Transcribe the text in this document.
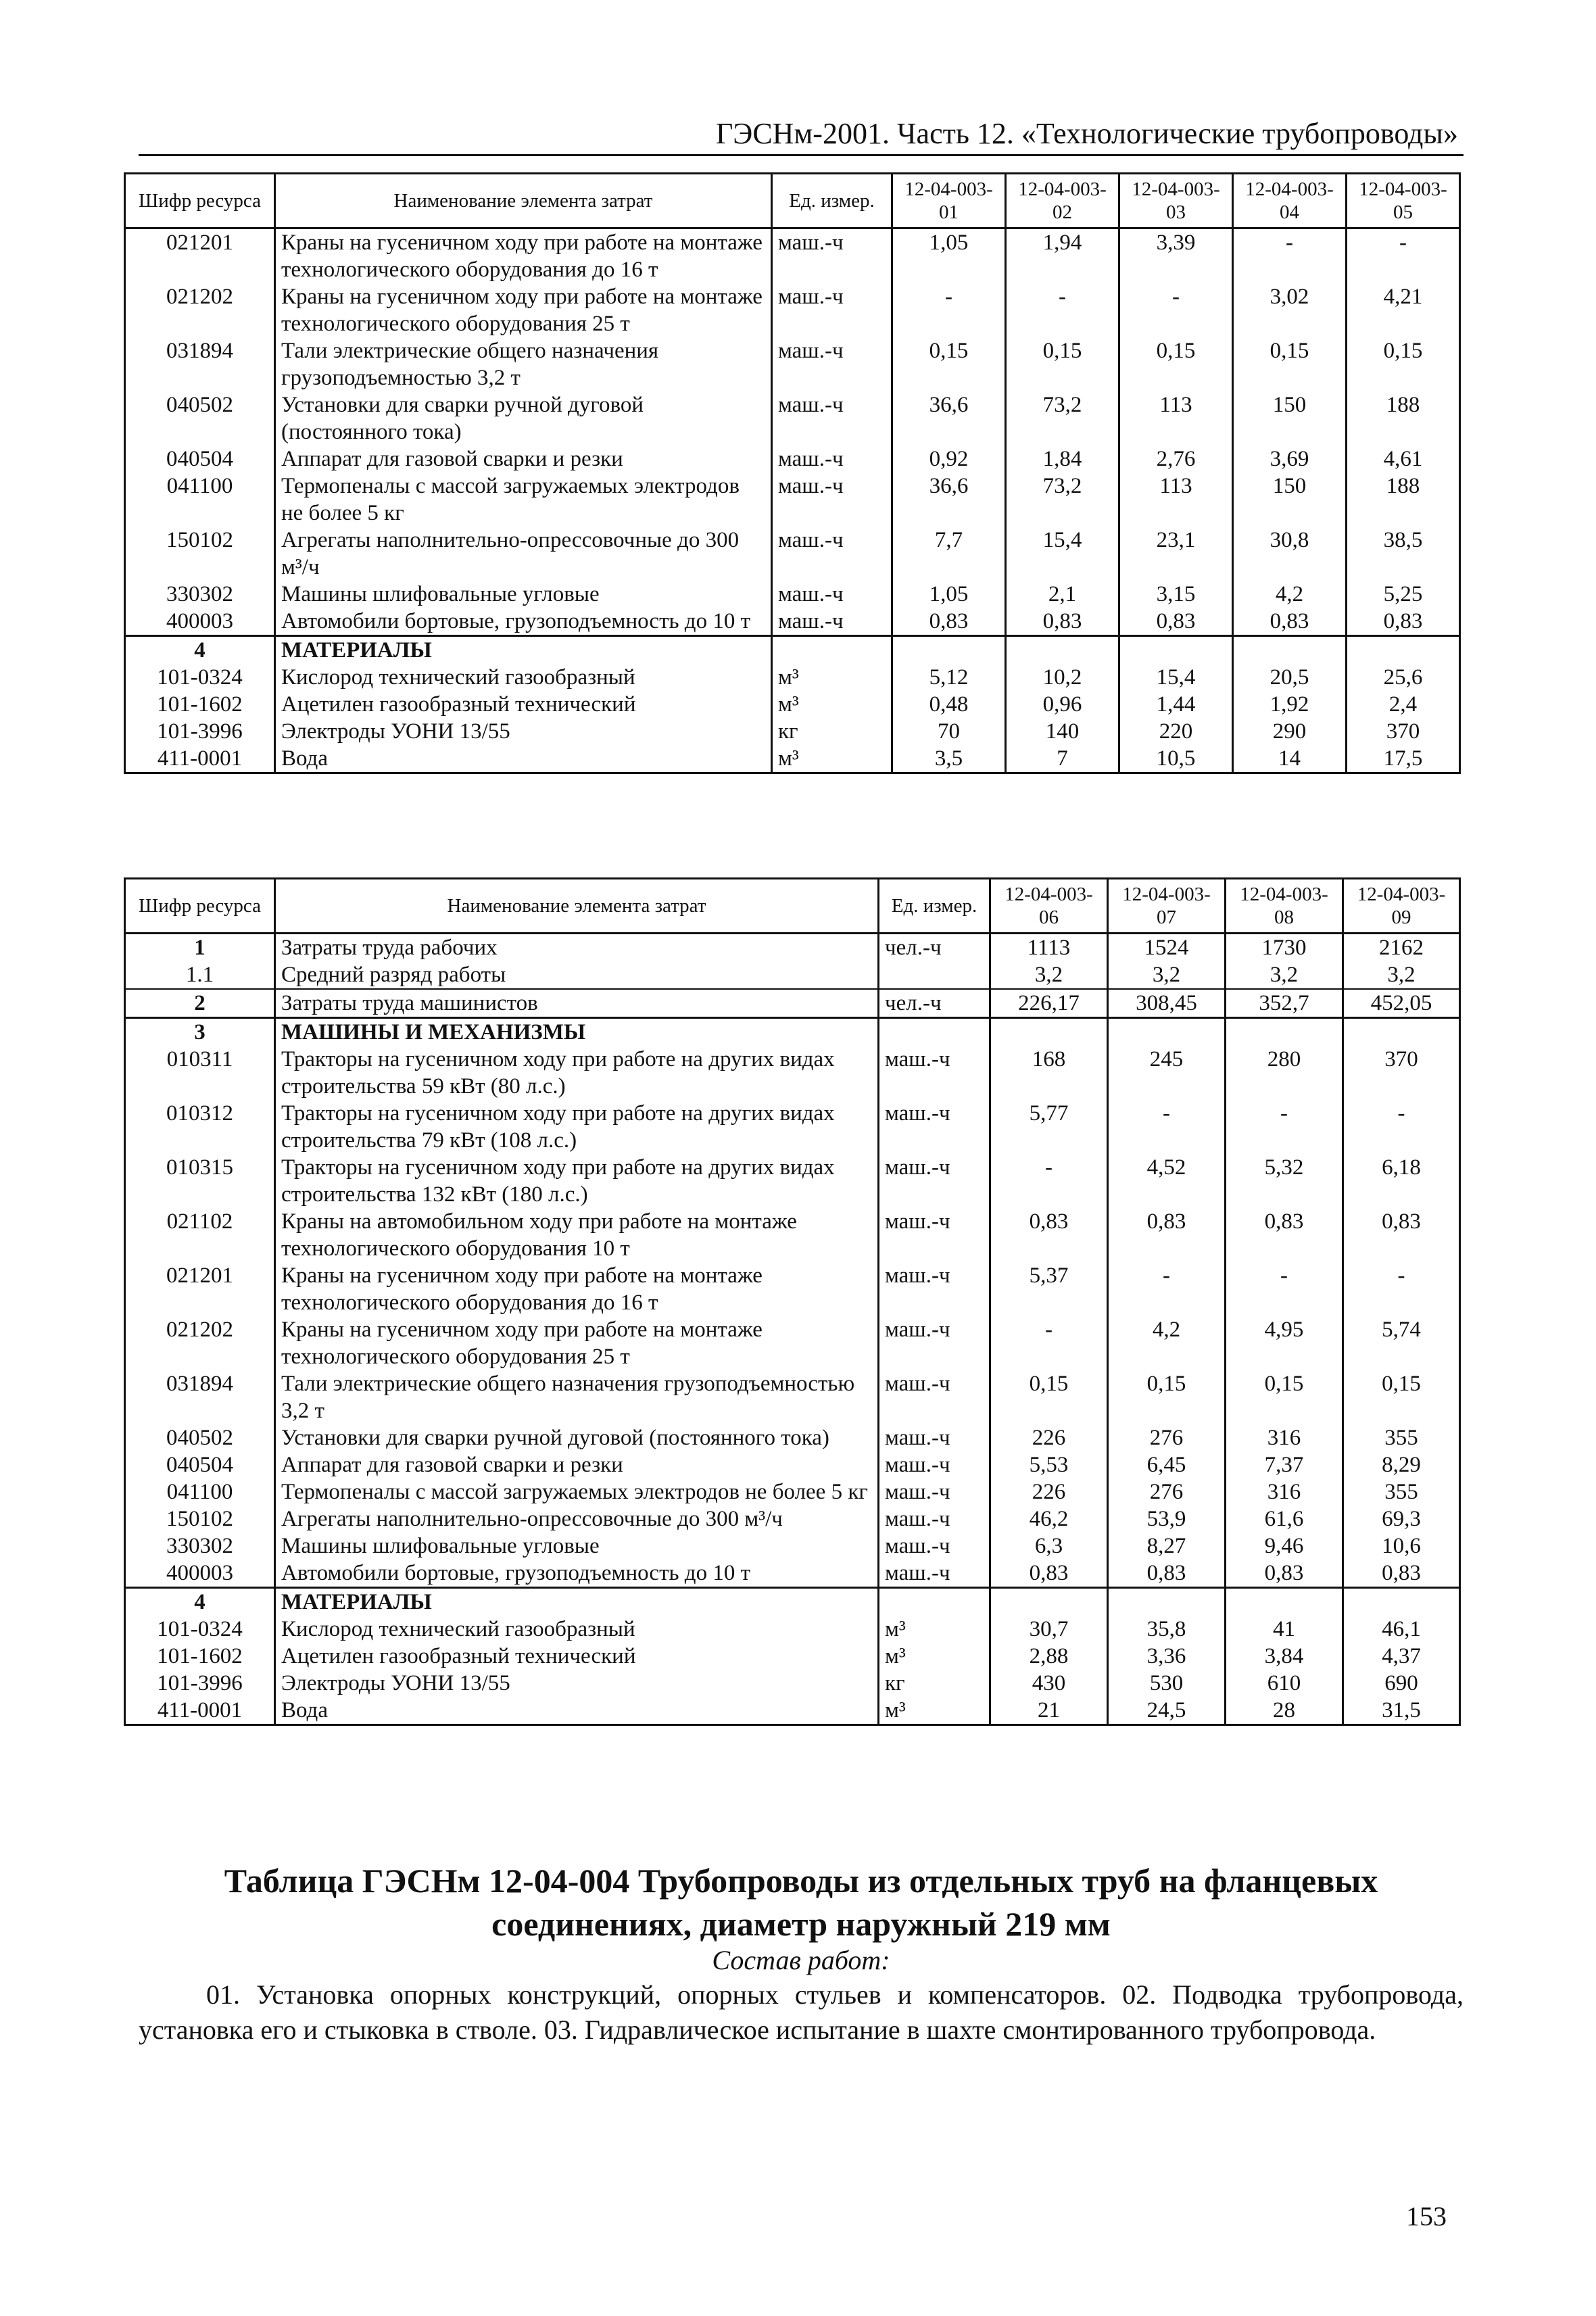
ГЭСНм-2001. Часть 12. «Технологические трубопроводы»
Шифр ресурса	Наименование элемента затрат	Ед. измер.	12-04-003-01	12-04-003-02	12-04-003-03	12-04-003-04	12-04-003-05
021201	Краны на гусеничном ходу при работе на монтаже технологического оборудования до 16 т	маш.-ч	1,05	1,94	3,39	-	-
021202	Краны на гусеничном ходу при работе на монтаже технологического оборудования 25 т	маш.-ч	-	-	-	3,02	4,21
031894	Тали электрические общего назначения грузоподъемностью 3,2 т	маш.-ч	0,15	0,15	0,15	0,15	0,15
040502	Установки для сварки ручной дуговой (постоянного тока)	маш.-ч	36,6	73,2	113	150	188
040504	Аппарат для газовой сварки и резки	маш.-ч	0,92	1,84	2,76	3,69	4,61
041100	Термопеналы с массой загружаемых электродов не более 5 кг	маш.-ч	36,6	73,2	113	150	188
150102	Агрегаты наполнительно-опрессовочные до 300 м³/ч	маш.-ч	7,7	15,4	23,1	30,8	38,5
330302	Машины шлифовальные угловые	маш.-ч	1,05	2,1	3,15	4,2	5,25
400003	Автомобили бортовые, грузоподъемность до 10 т	маш.-ч	0,83	0,83	0,83	0,83	0,83
4	МАТЕРИАЛЫ						
101-0324	Кислород технический газообразный	м³	5,12	10,2	15,4	20,5	25,6
101-1602	Ацетилен газообразный технический	м³	0,48	0,96	1,44	1,92	2,4
101-3996	Электроды УОНИ 13/55	кг	70	140	220	290	370
411-0001	Вода	м³	3,5	7	10,5	14	17,5
Шифр ресурса	Наименование элемента затрат	Ед. измер.	12-04-003-06	12-04-003-07	12-04-003-08	12-04-003-09
1	Затраты труда рабочих	чел.-ч	1113	1524	1730	2162
1.1	Средний разряд работы		3,2	3,2	3,2	3,2
2	Затраты труда машинистов	чел.-ч	226,17	308,45	352,7	452,05
3	МАШИНЫ И МЕХАНИЗМЫ					
010311	Тракторы на гусеничном ходу при работе на других видах строительства 59 кВт (80 л.с.)	маш.-ч	168	245	280	370
010312	Тракторы на гусеничном ходу при работе на других видах строительства 79 кВт (108 л.с.)	маш.-ч	5,77	-	-	-
010315	Тракторы на гусеничном ходу при работе на других видах строительства 132 кВт (180 л.с.)	маш.-ч	-	4,52	5,32	6,18
021102	Краны на автомобильном ходу при работе на монтаже технологического оборудования 10 т	маш.-ч	0,83	0,83	0,83	0,83
021201	Краны на гусеничном ходу при работе на монтаже технологического оборудования до 16 т	маш.-ч	5,37	-	-	-
021202	Краны на гусеничном ходу при работе на монтаже технологического оборудования 25 т	маш.-ч	-	4,2	4,95	5,74
031894	Тали электрические общего назначения грузоподъемностью 3,2 т	маш.-ч	0,15	0,15	0,15	0,15
040502	Установки для сварки ручной дуговой (постоянного тока)	маш.-ч	226	276	316	355
040504	Аппарат для газовой сварки и резки	маш.-ч	5,53	6,45	7,37	8,29
041100	Термопеналы с массой загружаемых электродов не более 5 кг	маш.-ч	226	276	316	355
150102	Агрегаты наполнительно-опрессовочные до 300 м³/ч	маш.-ч	46,2	53,9	61,6	69,3
330302	Машины шлифовальные угловые	маш.-ч	6,3	8,27	9,46	10,6
400003	Автомобили бортовые, грузоподъемность до 10 т	маш.-ч	0,83	0,83	0,83	0,83
4	МАТЕРИАЛЫ					
101-0324	Кислород технический газообразный	м³	30,7	35,8	41	46,1
101-1602	Ацетилен газообразный технический	м³	2,88	3,36	3,84	4,37
101-3996	Электроды УОНИ 13/55	кг	430	530	610	690
411-0001	Вода	м³	21	24,5	28	31,5
Таблица ГЭСНм 12-04-004 Трубопроводы из отдельных труб на фланцевых соединениях, диаметр наружный 219 мм
Состав работ:
01. Установка опорных конструкций, опорных стульев и компенсаторов. 02. Подводка трубопровода, установка его и стыковка в стволе. 03. Гидравлическое испытание в шахте смонтированного трубопровода.
153
